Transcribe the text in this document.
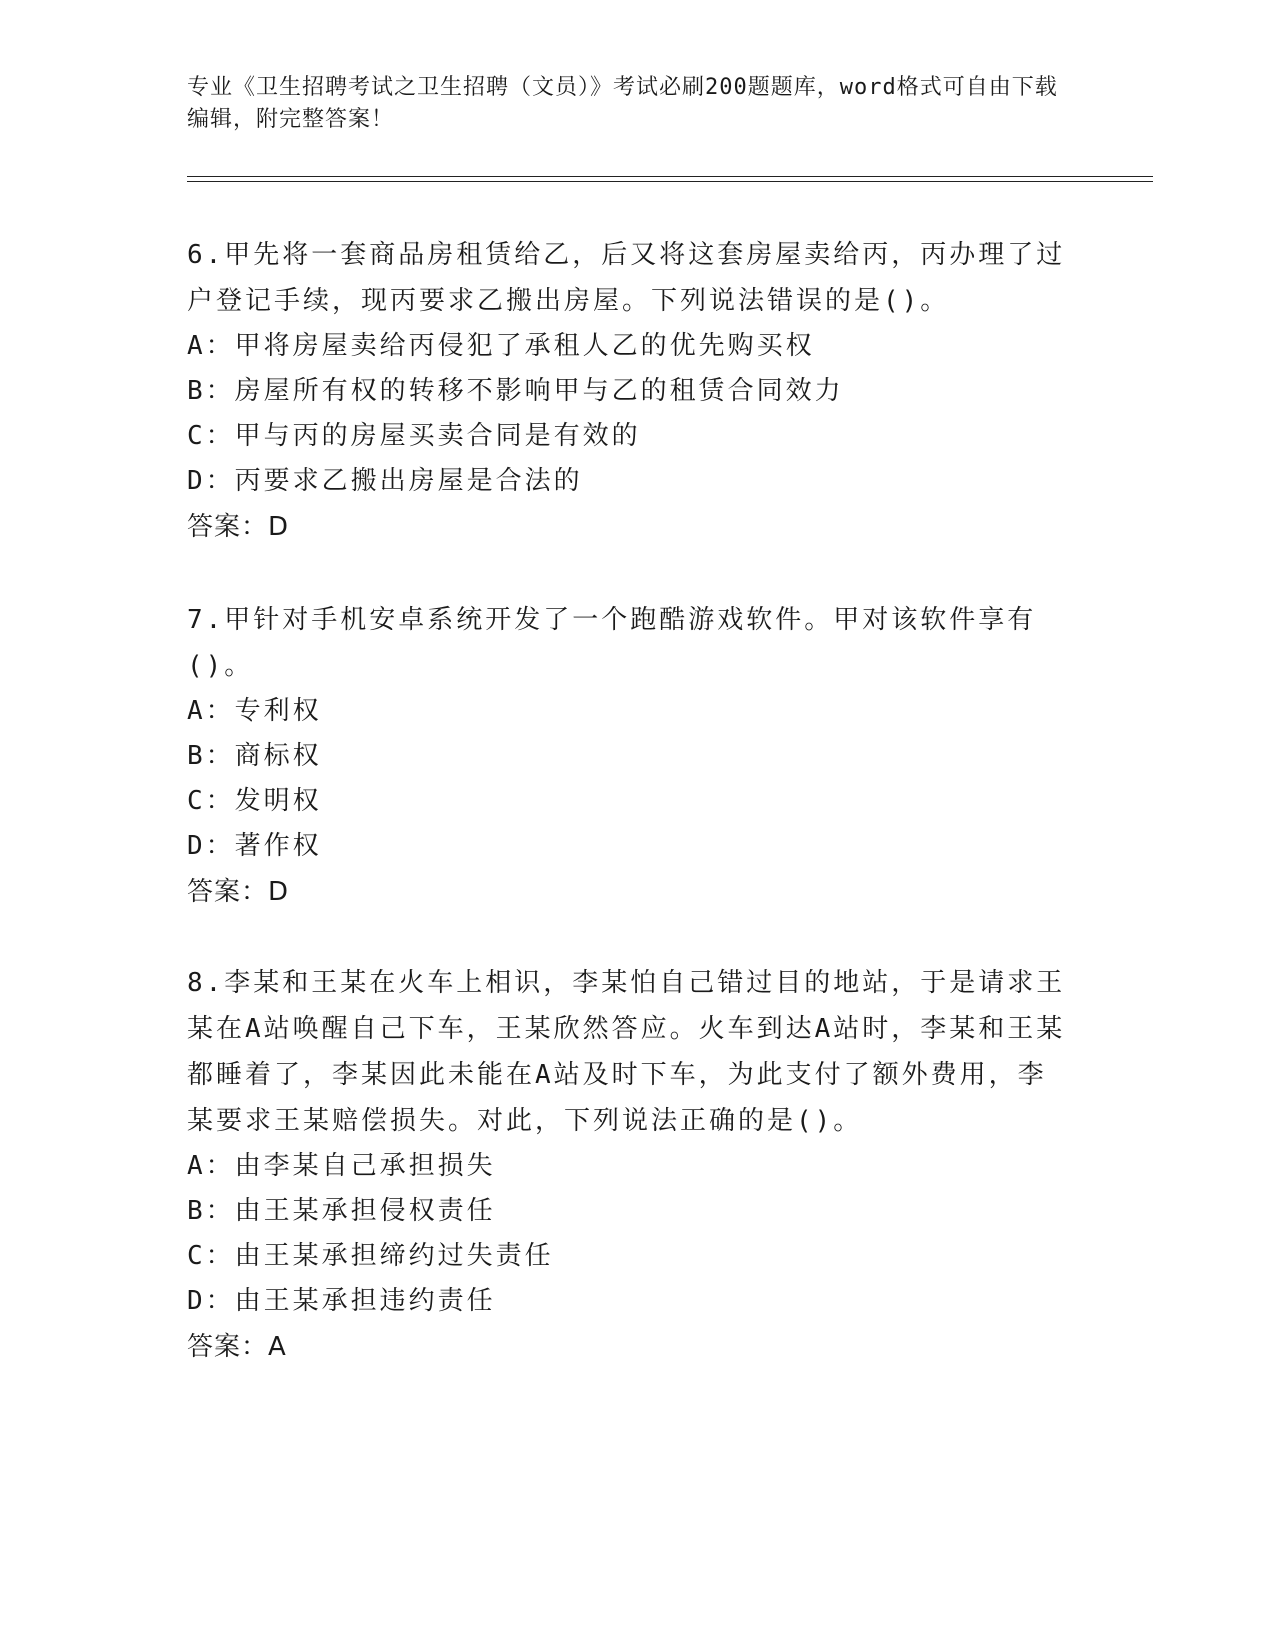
专业《卫生招聘考试之卫生招聘（文员）》考试必刷200题题库，word格式可自由下载编辑，附完整答案！
6.甲先将一套商品房租赁给乙，后又将这套房屋卖给丙，丙办理了过户登记手续，现丙要求乙搬出房屋。下列说法错误的是()。
A：甲将房屋卖给丙侵犯了承租人乙的优先购买权
B：房屋所有权的转移不影响甲与乙的租赁合同效力
C：甲与丙的房屋买卖合同是有效的
D：丙要求乙搬出房屋是合法的
答案：D
7.甲针对手机安卓系统开发了一个跑酷游戏软件。甲对该软件享有()。
A：专利权
B：商标权
C：发明权
D：著作权
答案：D
8.李某和王某在火车上相识，李某怕自己错过目的地站，于是请求王某在A站唤醒自己下车，王某欣然答应。火车到达A站时，李某和王某都睡着了，李某因此未能在A站及时下车，为此支付了额外费用，李某要求王某赔偿损失。对此，下列说法正确的是()。
A：由李某自己承担损失
B：由王某承担侵权责任
C：由王某承担缔约过失责任
D：由王某承担违约责任
答案：A
